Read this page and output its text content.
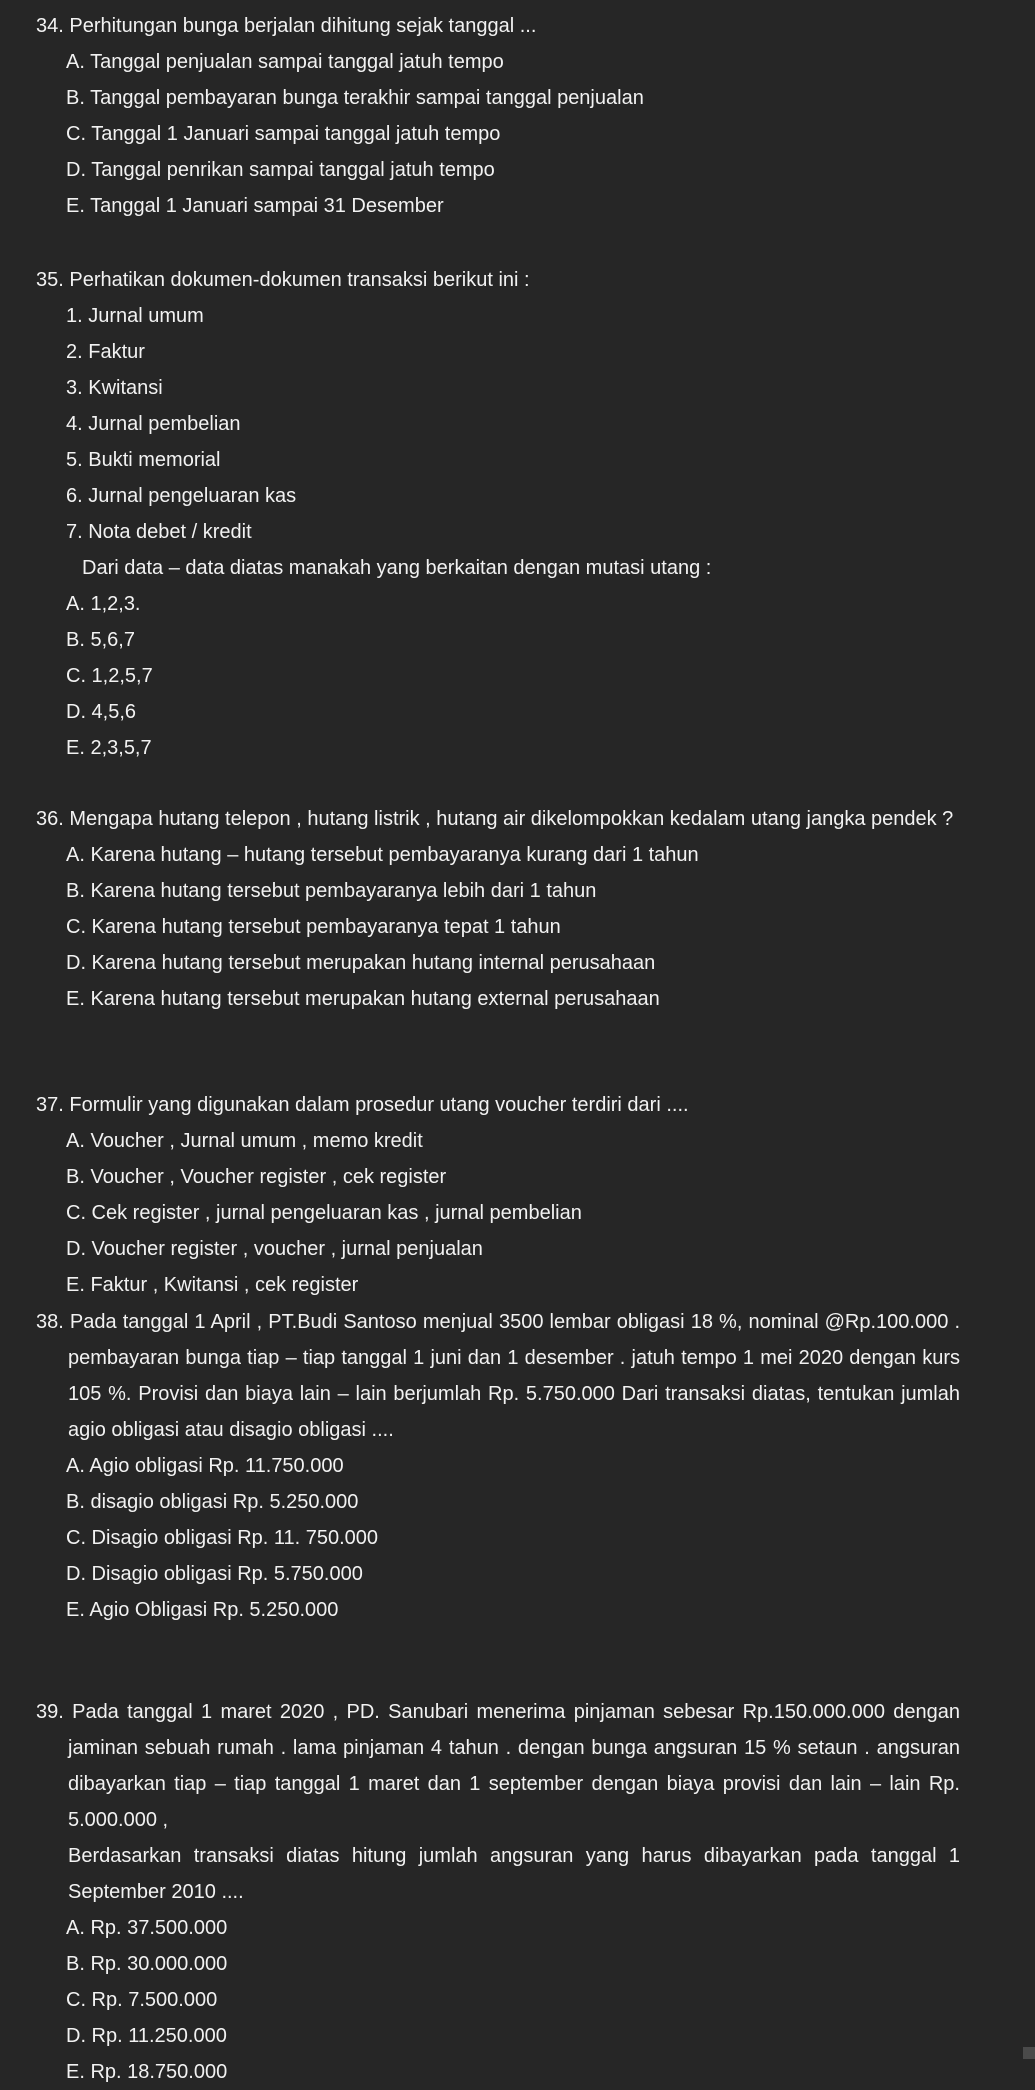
34. Perhitungan bunga berjalan dihitung sejak tanggal ...

A. Tanggal penjualan sampai tanggal jatuh tempo

B. Tanggal pembayaran bunga terakhir sampai tanggal penjualan

C. Tanggal 1 Januari sampai tanggal jatuh tempo

D. Tanggal penrikan sampai tanggal jatuh tempo

E. Tanggal 1 Januari sampai 31 Desember

35. Perhatikan dokumen-dokumen transaksi berikut ini :

1. Jurnal umum

2. Faktur

3. Kwitansi

4. Jurnal pembelian

5. Bukti memorial

6. Jurnal pengeluaran kas

7. Nota debet / kredit

Dari data – data diatas manakah yang berkaitan dengan mutasi utang :

A. 1,2,3.

B. 5,6,7

C. 1,2,5,7

D. 4,5,6

E. 2,3,5,7

36. Mengapa hutang telepon , hutang listrik , hutang air dikelompokkan kedalam utang jangka pendek ?

A. Karena hutang – hutang tersebut pembayaranya kurang dari 1 tahun

B. Karena hutang tersebut pembayaranya lebih dari 1 tahun

C. Karena hutang tersebut pembayaranya tepat 1 tahun

D. Karena hutang tersebut merupakan hutang internal perusahaan

E. Karena hutang tersebut merupakan hutang external perusahaan

37. Formulir yang digunakan dalam prosedur utang voucher terdiri dari ....

A. Voucher , Jurnal umum , memo kredit

B. Voucher , Voucher register , cek register

C. Cek register , jurnal pengeluaran kas , jurnal pembelian

D. Voucher register , voucher , jurnal penjualan

E. Faktur , Kwitansi , cek register

38. Pada tanggal 1 April , PT.Budi Santoso menjual 3500 lembar obligasi 18 %, nominal @Rp.100.000 . pembayaran bunga tiap – tiap tanggal 1 juni dan 1 desember . jatuh tempo 1 mei 2020 dengan kurs 105 %. Provisi dan biaya lain – lain berjumlah Rp. 5.750.000 Dari transaksi diatas, tentukan jumlah agio obligasi atau disagio obligasi ....

A. Agio obligasi Rp. 11.750.000

B. disagio obligasi Rp. 5.250.000

C. Disagio obligasi Rp. 11. 750.000

D. Disagio obligasi Rp. 5.750.000

E. Agio Obligasi Rp. 5.250.000

39. Pada tanggal 1 maret 2020 , PD. Sanubari menerima pinjaman sebesar Rp.150.000.000 dengan jaminan sebuah rumah . lama pinjaman 4 tahun . dengan bunga angsuran 15 % setaun . angsuran dibayarkan tiap – tiap tanggal 1 maret dan 1 september dengan biaya provisi dan lain – lain Rp. 5.000.000 ,

Berdasarkan transaksi diatas hitung jumlah angsuran yang harus dibayarkan pada tanggal 1 September 2010 ....

A. Rp. 37.500.000

B. Rp. 30.000.000

C. Rp. 7.500.000

D. Rp. 11.250.000

E. Rp. 18.750.000
